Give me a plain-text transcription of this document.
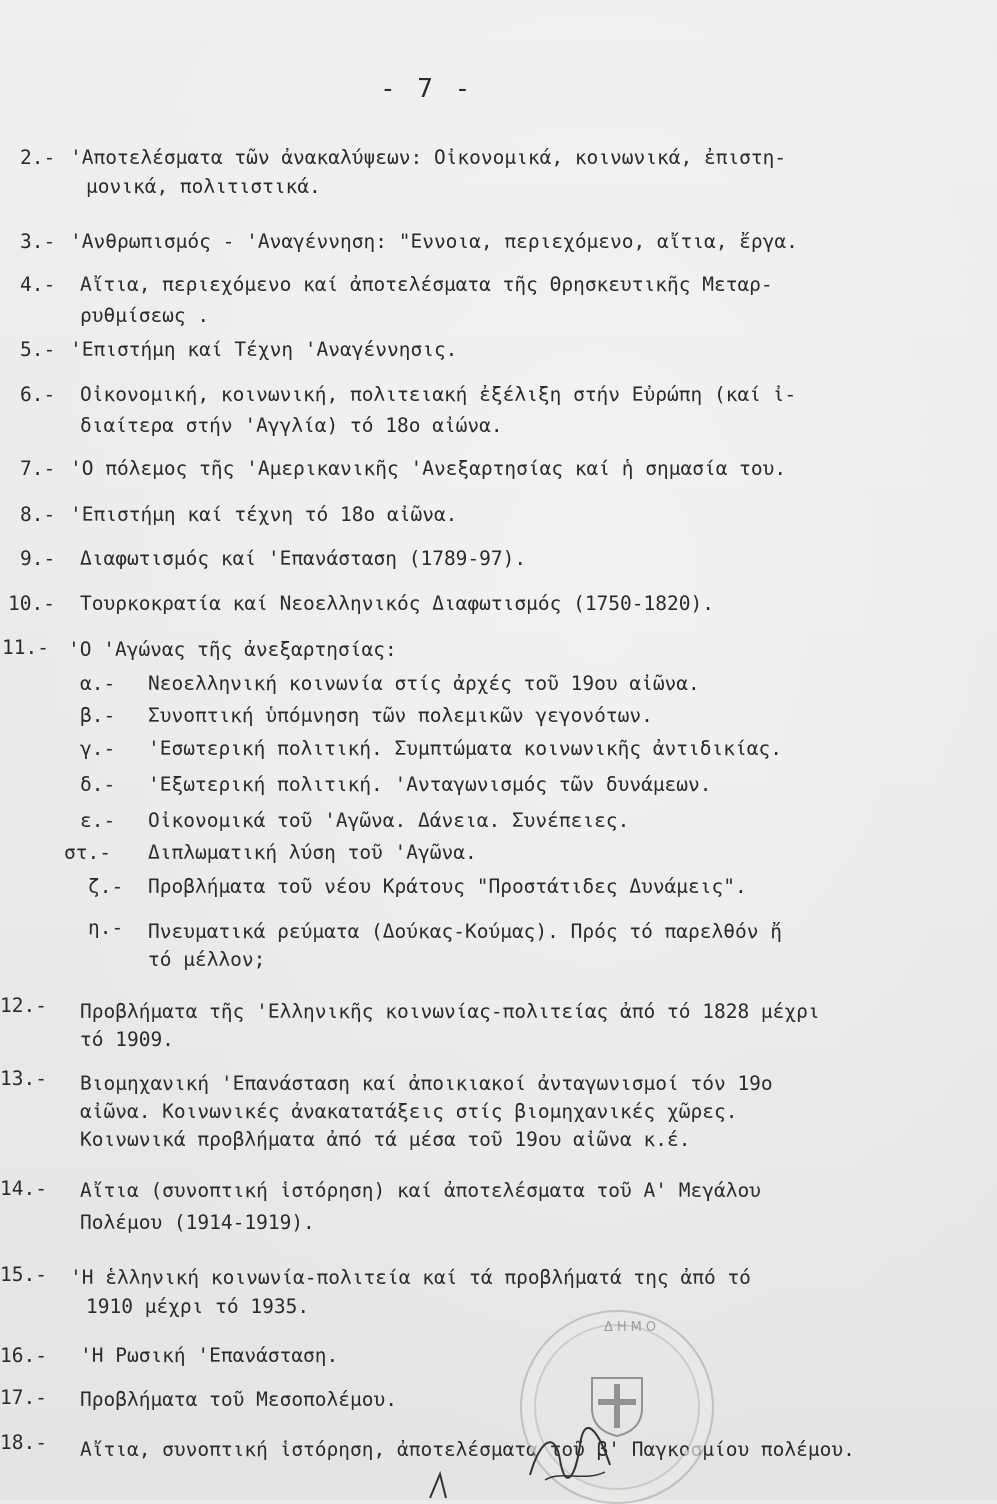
- 7 -
2.- 'Αποτελέσματα τῶν ἀνακαλύψεων: Οἰκονομικά, κοινωνικά, ἐπιστη-
μονικά, πολιτιστικά.
3.- 'Ανθρωπισμός - 'Αναγέννηση: "Εννοια, περιεχόμενο, αἴτια, ἔργα.
4.- Αἴτια, περιεχόμενο καί ἀποτελέσματα τῆς Θρησκευτικῆς Μεταρ-
ρυθμίσεως .
5.- 'Επιστήμη καί Τέχνη 'Αναγέννησις.
6.- Οἰκονομική, κοινωνική, πολιτειακή ἐξέλιξη στήν Εὐρώπη (καί ἰ-
διαίτερα στήν 'Αγγλία) τό 18ο αἰώνα.
7.- 'Ο πόλεμος τῆς 'Αμερικανικῆς 'Ανεξαρτησίας καί ἡ σημασία του.
8.- 'Επιστήμη καί τέχνη τό 18ο αἰῶνα.
9.- Διαφωτισμός καί 'Επανάσταση (1789-97).
10.- Τουρκοκρατία καί Νεοελληνικός Διαφωτισμός (1750-1820).
11.- 'Ο 'Αγώνας τῆς ἀνεξαρτησίας:
α.- Νεοελληνική κοινωνία στίς ἀρχές τοῦ 19ου αἰῶνα.
β.- Συνοπτική ὑπόμνηση τῶν πολεμικῶν γεγονότων.
γ.- 'Εσωτερική πολιτική. Συμπτώματα κοινωνικῆς ἀντιδικίας.
δ.- 'Εξωτερική πολιτική. 'Ανταγωνισμός τῶν δυνάμεων.
ε.- Οἰκονομικά τοῦ 'Αγῶνα. Δάνεια. Συνέπειες.
στ.- Διπλωματική λύση τοῦ 'Αγῶνα.
ζ.- Προβλήματα τοῦ νέου Κράτους "Προστάτιδες Δυνάμεις".
η.- Πνευματικά ρεύματα (Δούκας-Κούμας). Πρός τό παρελθόν ἤ
τό μέλλον;
12.- Προβλήματα τῆς 'Ελληνικῆς κοινωνίας-πολιτείας ἀπό τό 1828 μέχρι
τό 1909.
13.- Βιομηχανική 'Επανάσταση καί ἀποικιακοί ἀνταγωνισμοί τόν 19ο
αἰῶνα. Κοινωνικές ἀνακατατάξεις στίς βιομηχανικές χῶρες.
Κοινωνικά προβλήματα ἀπό τά μέσα τοῦ 19ου αἰῶνα κ.έ.
14.- Αἴτια (συνοπτική ἱστόρηση) καί ἀποτελέσματα τοῦ Α' Μεγάλου
Πολέμου (1914-1919).
15.- 'Η ἑλληνική κοινωνία-πολιτεία καί τά προβλήματά της ἀπό τό
1910 μέχρι τό 1935.
16.- 'Η Ρωσική 'Επανάσταση.
17.- Προβλήματα τοῦ Μεσοπολέμου.
18.- Αἴτια, συνοπτική ἱστόρηση, ἀποτελέσματα τοῦ β' Παγκοσμίου πολέμου.
ΔΗΜΟ
